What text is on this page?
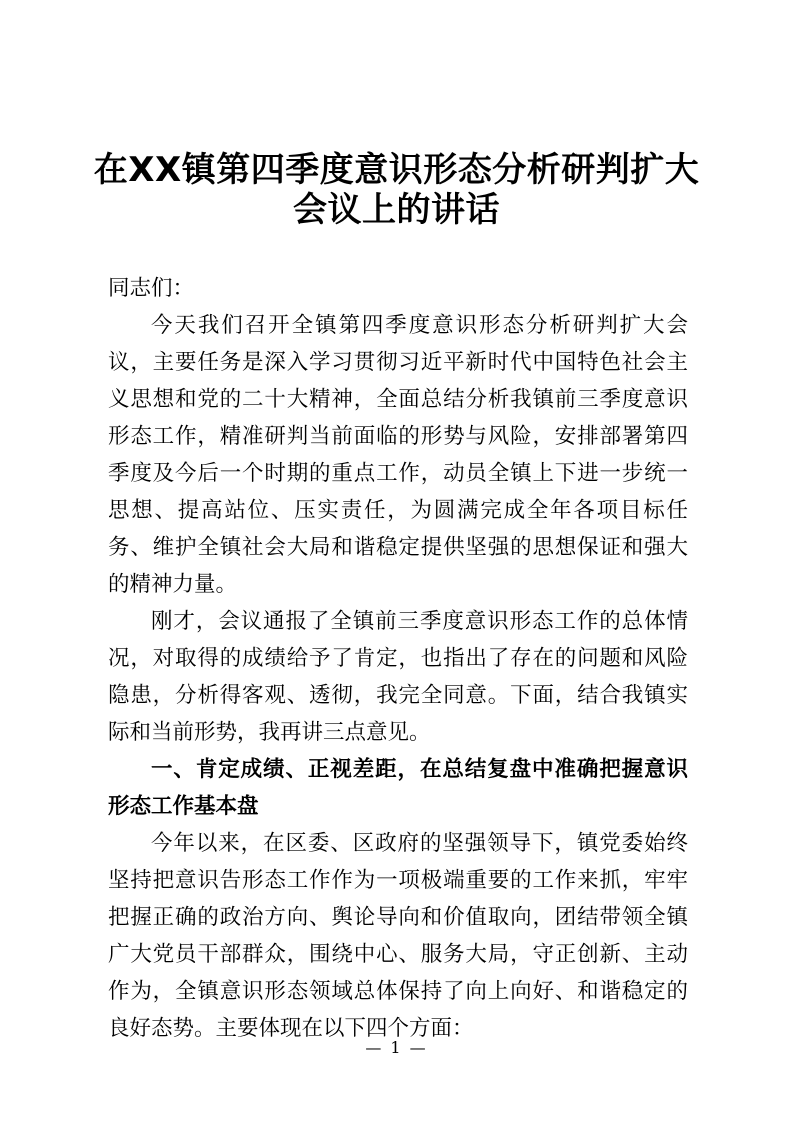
在XX镇第四季度意识形态分析研判扩大
会议上的讲话

同志们：

今天我们召开全镇第四季度意识形态分析研判扩大会议，主要任务是深入学习贯彻习近平新时代中国特色社会主义思想和党的二十大精神，全面总结分析我镇前三季度意识形态工作，精准研判当前面临的形势与风险，安排部署第四季度及今后一个时期的重点工作，动员全镇上下进一步统一思想、提高站位、压实责任，为圆满完成全年各项目标任务、维护全镇社会大局和谐稳定提供坚强的思想保证和强大的精神力量。

刚才，会议通报了全镇前三季度意识形态工作的总体情况，对取得的成绩给予了肯定，也指出了存在的问题和风险隐患，分析得客观、透彻，我完全同意。下面，结合我镇实际和当前形势，我再讲三点意见。

一、肯定成绩、正视差距，在总结复盘中准确把握意识形态工作基本盘

今年以来，在区委、区政府的坚强领导下，镇党委始终坚持把意识告形态工作作为一项极端重要的工作来抓，牢牢把握正确的政治方向、舆论导向和价值取向，团结带领全镇广大党员干部群众，围绕中心、服务大局，守正创新、主动作为，全镇意识形态领域总体保持了向上向好、和谐稳定的良好态势。主要体现在以下四个方面：

— 1 —
